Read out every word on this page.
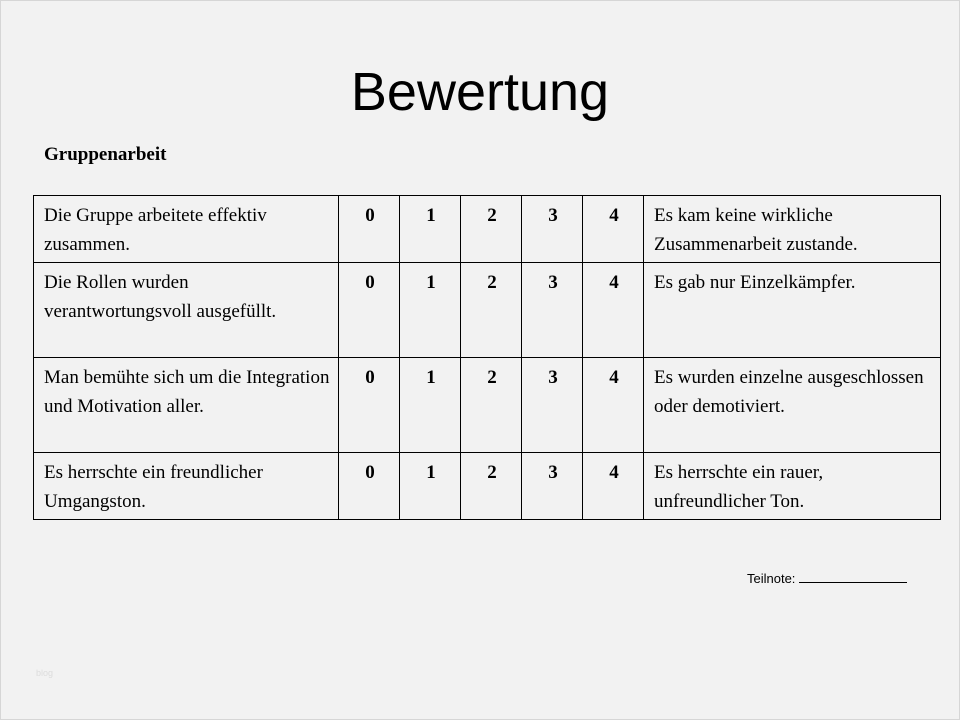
Bewertung
Gruppenarbeit
Die Gruppe arbeitete effektiv zusammen.	0	1	2	3	4	Es kam keine wirkliche Zusammenarbeit zustande.
Die Rollen wurden verantwortungsvoll ausgefüllt.	0	1	2	3	4	Es gab nur Einzelkämpfer.
Man bemühte sich um die Integration und Motivation aller.	0	1	2	3	4	Es wurden einzelne ausgeschlossen oder demotiviert.
Es herrschte ein freundlicher Umgangston.	0	1	2	3	4	Es herrschte ein rauer, unfreundlicher Ton.
Teilnote:
blog
